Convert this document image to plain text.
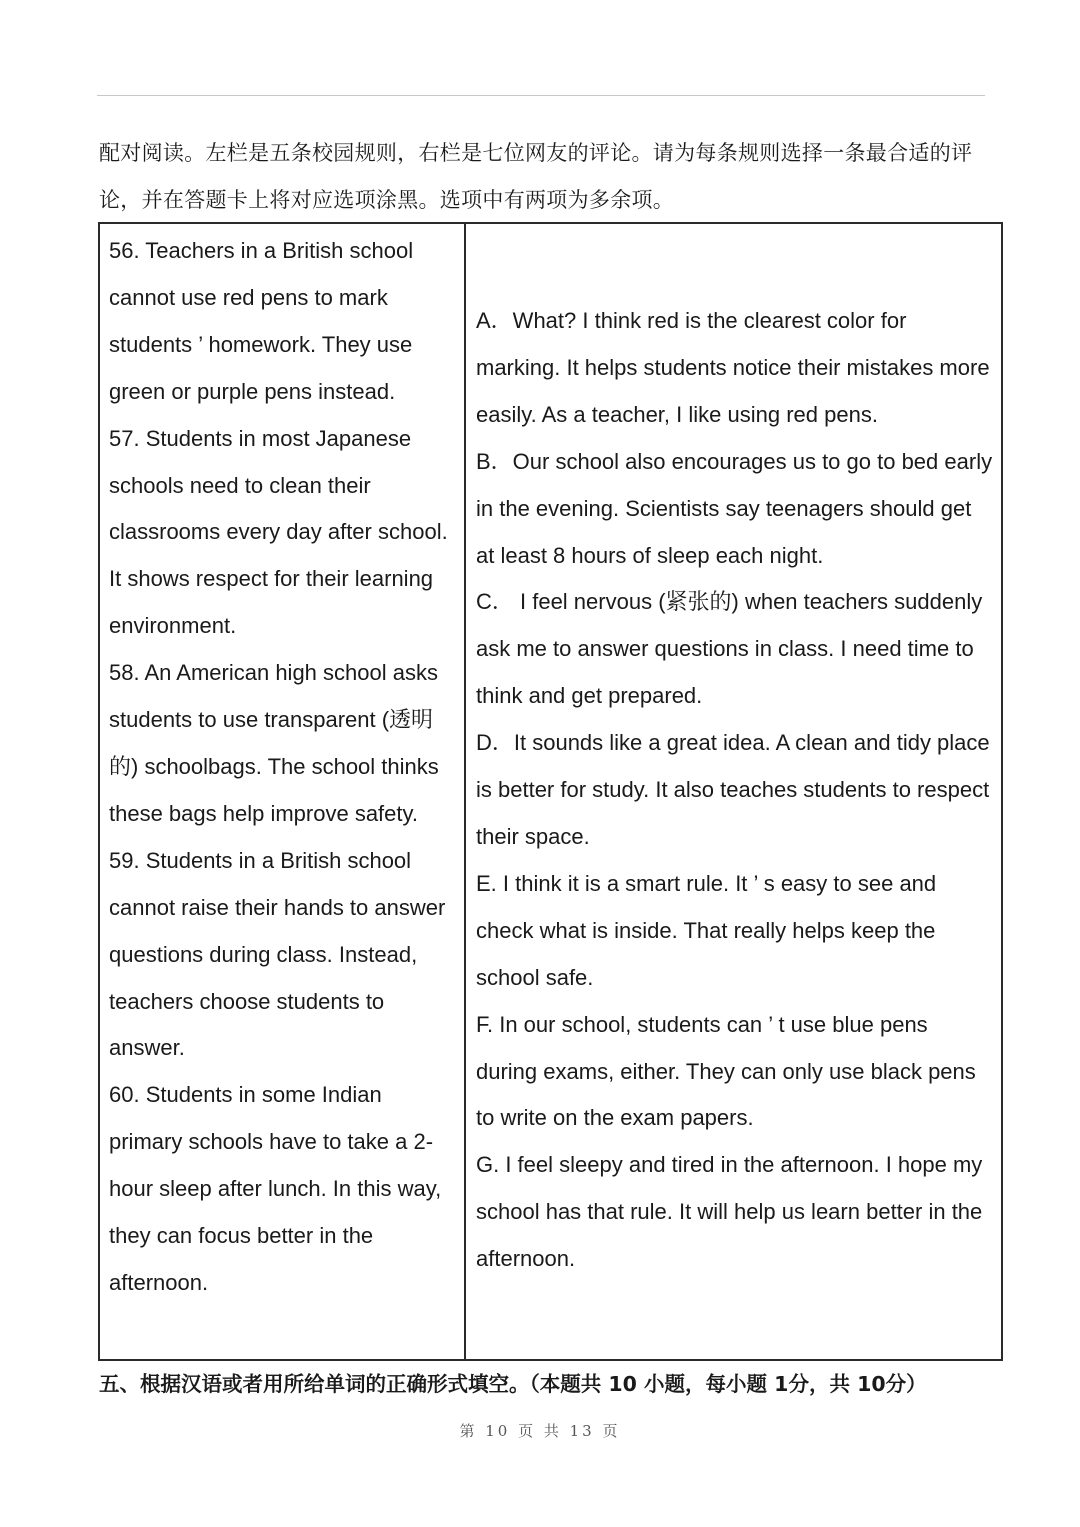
配对阅读。左栏是五条校园规则，右栏是七位网友的评论。请为每条规则选择一条最合适的评论，并在答题卡上将对应选项涂黑。选项中有两项为多余项。

56. Teachers in a British school cannot use red pens to mark students ’ homework. They use green or purple pens instead.
57. Students in most Japanese schools need to clean their classrooms every day after school. It shows respect for their learning environment.
58. An American high school asks students to use transparent (透明的) schoolbags. The school thinks these bags help improve safety.
59. Students in a British school cannot raise their hands to answer questions during class. Instead, teachers choose students to answer.
60. Students in some Indian primary schools have to take a 2-hour sleep after lunch. In this way, they can focus better in the afternoon.

A．What? I think red is the clearest color for marking. It helps students notice their mistakes more easily. As a teacher, I like using red pens.
B．Our school also encourages us to go to bed early in the evening. Scientists say teenagers should get at least 8 hours of sleep each night.
C． I feel nervous (紧张的) when teachers suddenly ask me to answer questions in class. I need time to think and get prepared.
D．It sounds like a great idea. A clean and tidy place is better for study. It also teaches students to respect their space.
E. I think it is a smart rule. It ’ s easy to see and check what is inside. That really helps keep the school safe.
F. In our school, students can ’ t use blue pens during exams, either. They can only use black pens to write on the exam papers.
G. I feel sleepy and tired in the afternoon. I hope my school has that rule. It will help us learn better in the afternoon.

五、根据汉语或者用所给单词的正确形式填空。（本题共 10 小题，每小题 1分，共 10分）

第 10 页 共 13 页
